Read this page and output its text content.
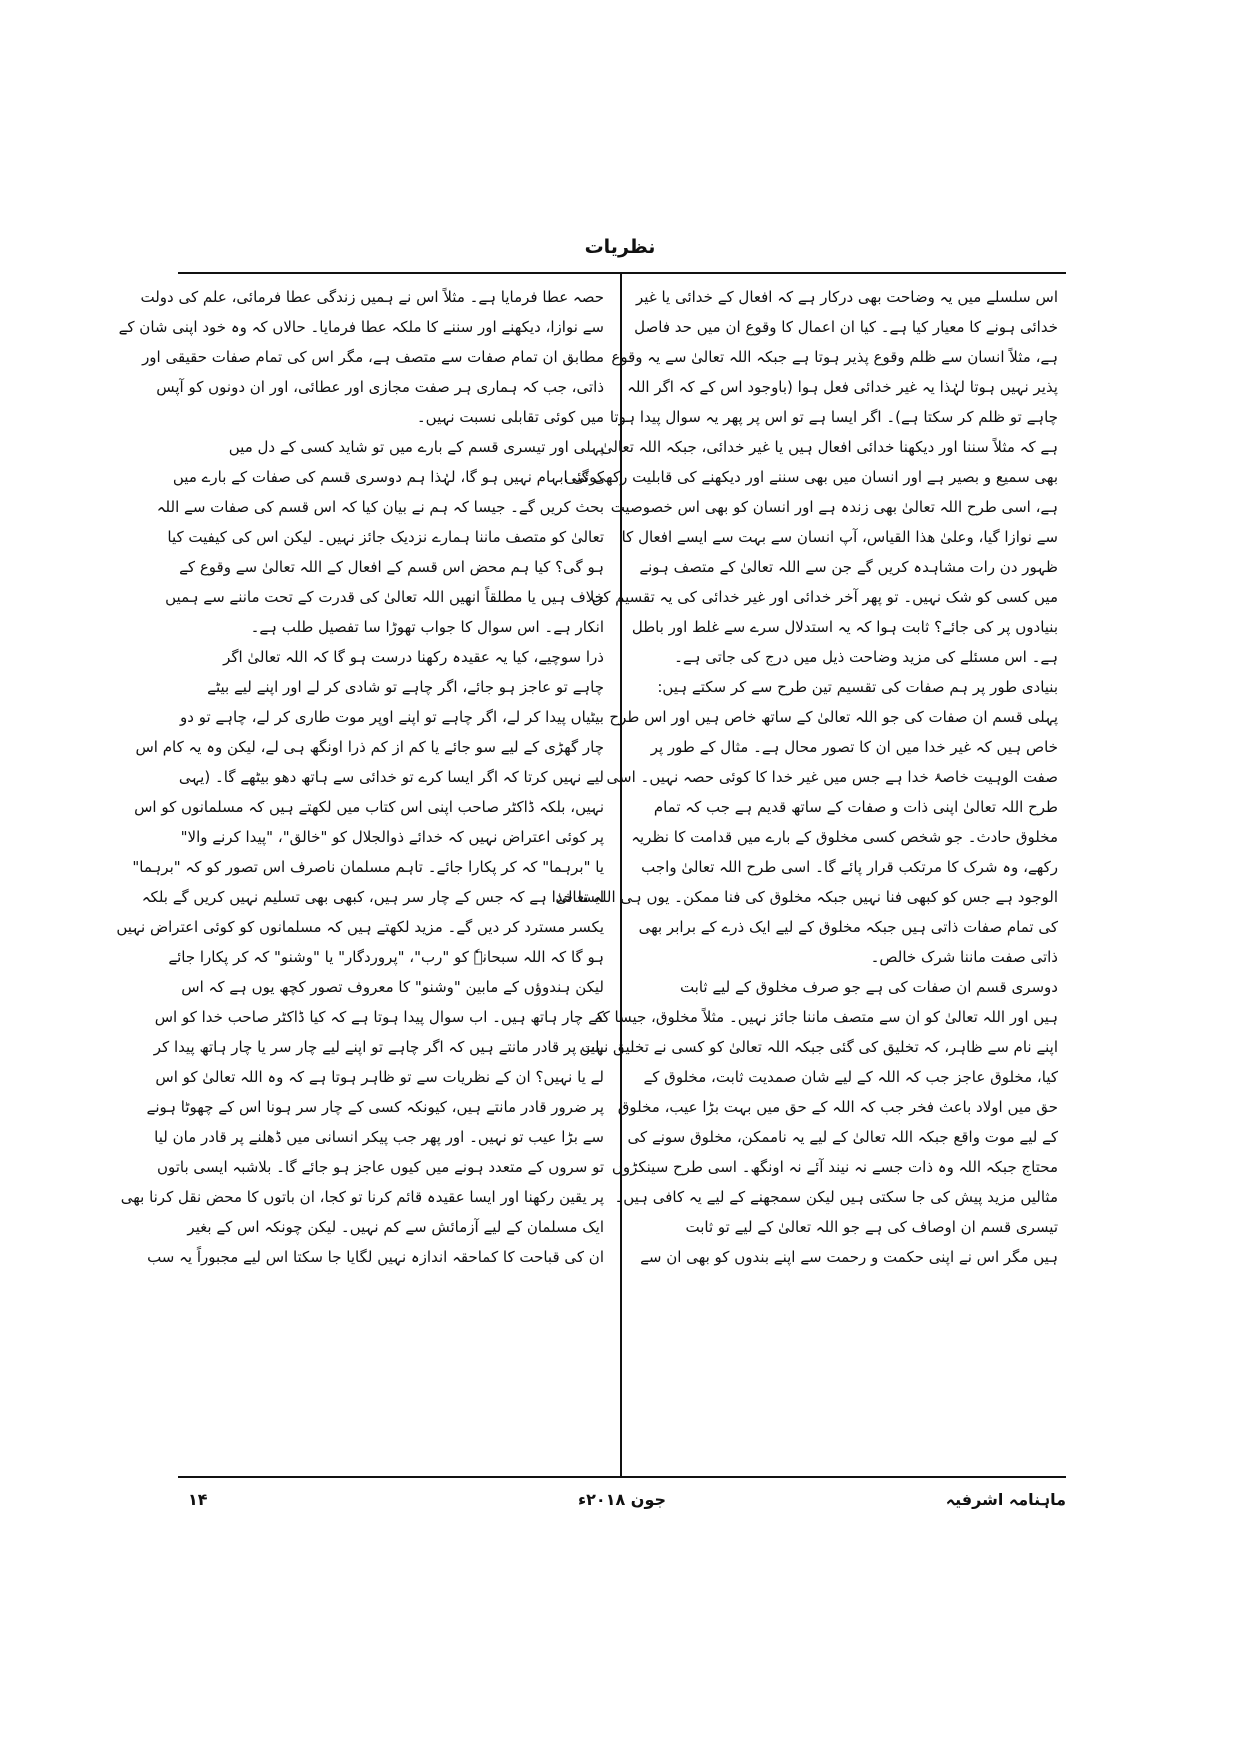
نظریات

اس سلسلے میں یہ وضاحت بھی درکار ہے کہ افعال کے خدائی یا غیر

خدائی ہونے کا معیار کیا ہے۔ کیا ان اعمال کا وقوع ان میں حد فاصل

ہے، مثلاً انسان سے ظلم وقوع پذیر ہوتا ہے جبکہ اللہ تعالیٰ سے یہ وقوع

پذیر نہیں ہوتا لہٰذا یہ غیر خدائی فعل ہوا (باوجود اس کے کہ اگر اللہ

چاہے تو ظلم کر سکتا ہے)۔ اگر ایسا ہے تو اس پر پھر یہ سوال پیدا ہوتا

ہے کہ مثلاً سننا اور دیکھنا خدائی افعال ہیں یا غیر خدائی، جبکہ اللہ تعالیٰ

بھی سمیع و بصیر ہے اور انسان میں بھی سننے اور دیکھنے کی قابلیت رکھی گئی

ہے، اسی طرح اللہ تعالیٰ بھی زندہ ہے اور انسان کو بھی اس خصوصیت

سے نوازا گیا، وعلیٰ ھذا القیاس، آپ انسان سے بہت سے ایسے افعال کا

ظہور دن رات مشاہدہ کریں گے جن سے اللہ تعالیٰ کے متصف ہونے

میں کسی کو شک نہیں۔ تو پھر آخر خدائی اور غیر خدائی کی یہ تقسیم کن

بنیادوں پر کی جائے؟ ثابت ہوا کہ یہ استدلال سرے سے غلط اور باطل

ہے۔ اس مسئلے کی مزید وضاحت ذیل میں درج کی جاتی ہے۔

بنیادی طور پر ہم صفات کی تقسیم تین طرح سے کر سکتے ہیں:

پہلی قسم ان صفات کی جو اللہ تعالیٰ کے ساتھ خاص ہیں اور اس طرح

خاص ہیں کہ غیر خدا میں ان کا تصور محال ہے۔ مثال کے طور پر

صفت الوہیت خاصۂ خدا ہے جس میں غیر خدا کا کوئی حصہ نہیں۔ اسی

طرح اللہ تعالیٰ اپنی ذات و صفات کے ساتھ قدیم ہے جب کہ تمام

مخلوق حادث۔ جو شخص کسی مخلوق کے بارے میں قدامت کا نظریہ

رکھے، وہ شرک کا مرتکب قرار پائے گا۔ اسی طرح اللہ تعالیٰ واجب

الوجود ہے جس کو کبھی فنا نہیں جبکہ مخلوق کی فنا ممکن۔ یوں ہی اللہ تعالیٰ

کی تمام صفات ذاتی ہیں جبکہ مخلوق کے لیے ایک ذرے کے برابر بھی

ذاتی صفت ماننا شرک خالص۔

دوسری قسم ان صفات کی ہے جو صرف مخلوق کے لیے ثابت

ہیں اور اللہ تعالیٰ کو ان سے متصف ماننا جائز نہیں۔ مثلاً مخلوق، جیسا کہ

اپنے نام سے ظاہر، کہ تخلیق کی گئی جبکہ اللہ تعالیٰ کو کسی نے تخلیق نہیں

کیا، مخلوق عاجز جب کہ اللہ کے لیے شان صمدیت ثابت، مخلوق کے

حق میں اولاد باعث فخر جب کہ اللہ کے حق میں بہت بڑا عیب، مخلوق

کے لیے موت واقع جبکہ اللہ تعالیٰ کے لیے یہ ناممکن، مخلوق سونے کی

محتاج جبکہ اللہ وہ ذات جسے نہ نیند آئے نہ اونگھ۔ اسی طرح سینکڑوں

مثالیں مزید پیش کی جا سکتی ہیں لیکن سمجھنے کے لیے یہ کافی ہیں۔

تیسری قسم ان اوصاف کی ہے جو اللہ تعالیٰ کے لیے تو ثابت

ہیں مگر اس نے اپنی حکمت و رحمت سے اپنے بندوں کو بھی ان سے

حصہ عطا فرمایا ہے۔ مثلاً اس نے ہمیں زندگی عطا فرمائی، علم کی دولت

سے نوازا، دیکھنے اور سننے کا ملکہ عطا فرمایا۔ حالاں کہ وہ خود اپنی شان کے

مطابق ان تمام صفات سے متصف ہے، مگر اس کی تمام صفات حقیقی اور

ذاتی، جب کہ ہماری ہر صفت مجازی اور عطائی، اور ان دونوں کو آپس

میں کوئی تقابلی نسبت نہیں۔

پہلی اور تیسری قسم کے بارے میں تو شاید کسی کے دل میں

کوئی ابہام نہیں ہو گا، لہٰذا ہم دوسری قسم کی صفات کے بارے میں

بحث کریں گے۔ جیسا کہ ہم نے بیان کیا کہ اس قسم کی صفات سے اللہ

تعالیٰ کو متصف ماننا ہمارے نزدیک جائز نہیں۔ لیکن اس کی کیفیت کیا

ہو گی؟ کیا ہم محض اس قسم کے افعال کے اللہ تعالیٰ سے وقوع کے

خلاف ہیں یا مطلقاً انھیں اللہ تعالیٰ کی قدرت کے تحت ماننے سے ہمیں

انکار ہے۔ اس سوال کا جواب تھوڑا سا تفصیل طلب ہے۔

ذرا سوچیے، کیا یہ عقیدہ رکھنا درست ہو گا کہ اللہ تعالیٰ اگر

چاہے تو عاجز ہو جائے، اگر چاہے تو شادی کر لے اور اپنے لیے بیٹے

بیٹیاں پیدا کر لے، اگر چاہے تو اپنے اوپر موت طاری کر لے، چاہے تو دو

چار گھڑی کے لیے سو جائے یا کم از کم ذرا اونگھ ہی لے، لیکن وہ یہ کام اس

لیے نہیں کرتا کہ اگر ایسا کرے تو خدائی سے ہاتھ دھو بیٹھے گا۔ (یہی

نہیں، بلکہ ڈاکٹر صاحب اپنی اس کتاب میں لکھتے ہیں کہ مسلمانوں کو اس

پر کوئی اعتراض نہیں کہ خدائے ذوالجلال کو "خالق"، "پیدا کرنے والا"

یا "برہما" کہ کر پکارا جائے۔ تاہم مسلمان ناصرف اس تصور کو کہ "برہما"

ایسا خدا ہے کہ جس کے چار سر ہیں، کبھی بھی تسلیم نہیں کریں گے بلکہ

یکسر مسترد کر دیں گے۔ مزید لکھتے ہیں کہ مسلمانوں کو کوئی اعتراض نہیں

ہو گا کہ اللہ سبحانہٗ کو "رب"، "پروردگار" یا "وشنو" کہ کر پکارا جائے

لیکن ہندوؤں کے مابین "وشنو" کا معروف تصور کچھ یوں ہے کہ اس

کے چار ہاتھ ہیں۔ اب سوال پیدا ہوتا ہے کہ کیا ڈاکٹر صاحب خدا کو اس

بات پر قادر مانتے ہیں کہ اگر چاہے تو اپنے لیے چار سر یا چار ہاتھ پیدا کر

لے یا نہیں؟ ان کے نظریات سے تو ظاہر ہوتا ہے کہ وہ اللہ تعالیٰ کو اس

پر ضرور قادر مانتے ہیں، کیونکہ کسی کے چار سر ہونا اس کے چھوٹا ہونے

سے بڑا عیب تو نہیں۔ اور پھر جب پیکر انسانی میں ڈھلنے پر قادر مان لیا

تو سروں کے متعدد ہونے میں کیوں عاجز ہو جائے گا۔ بلاشبہ ایسی باتوں

پر یقین رکھنا اور ایسا عقیدہ قائم کرنا تو کجا، ان باتوں کا محض نقل کرنا بھی

ایک مسلمان کے لیے آزمائش سے کم نہیں۔ لیکن چونکہ اس کے بغیر

ان کی قباحت کا کماحقہ اندازہ نہیں لگایا جا سکتا اس لیے مجبوراً یہ سب

ماہنامہ اشرفیہ
جون ۲۰۱۸ء
۱۴
